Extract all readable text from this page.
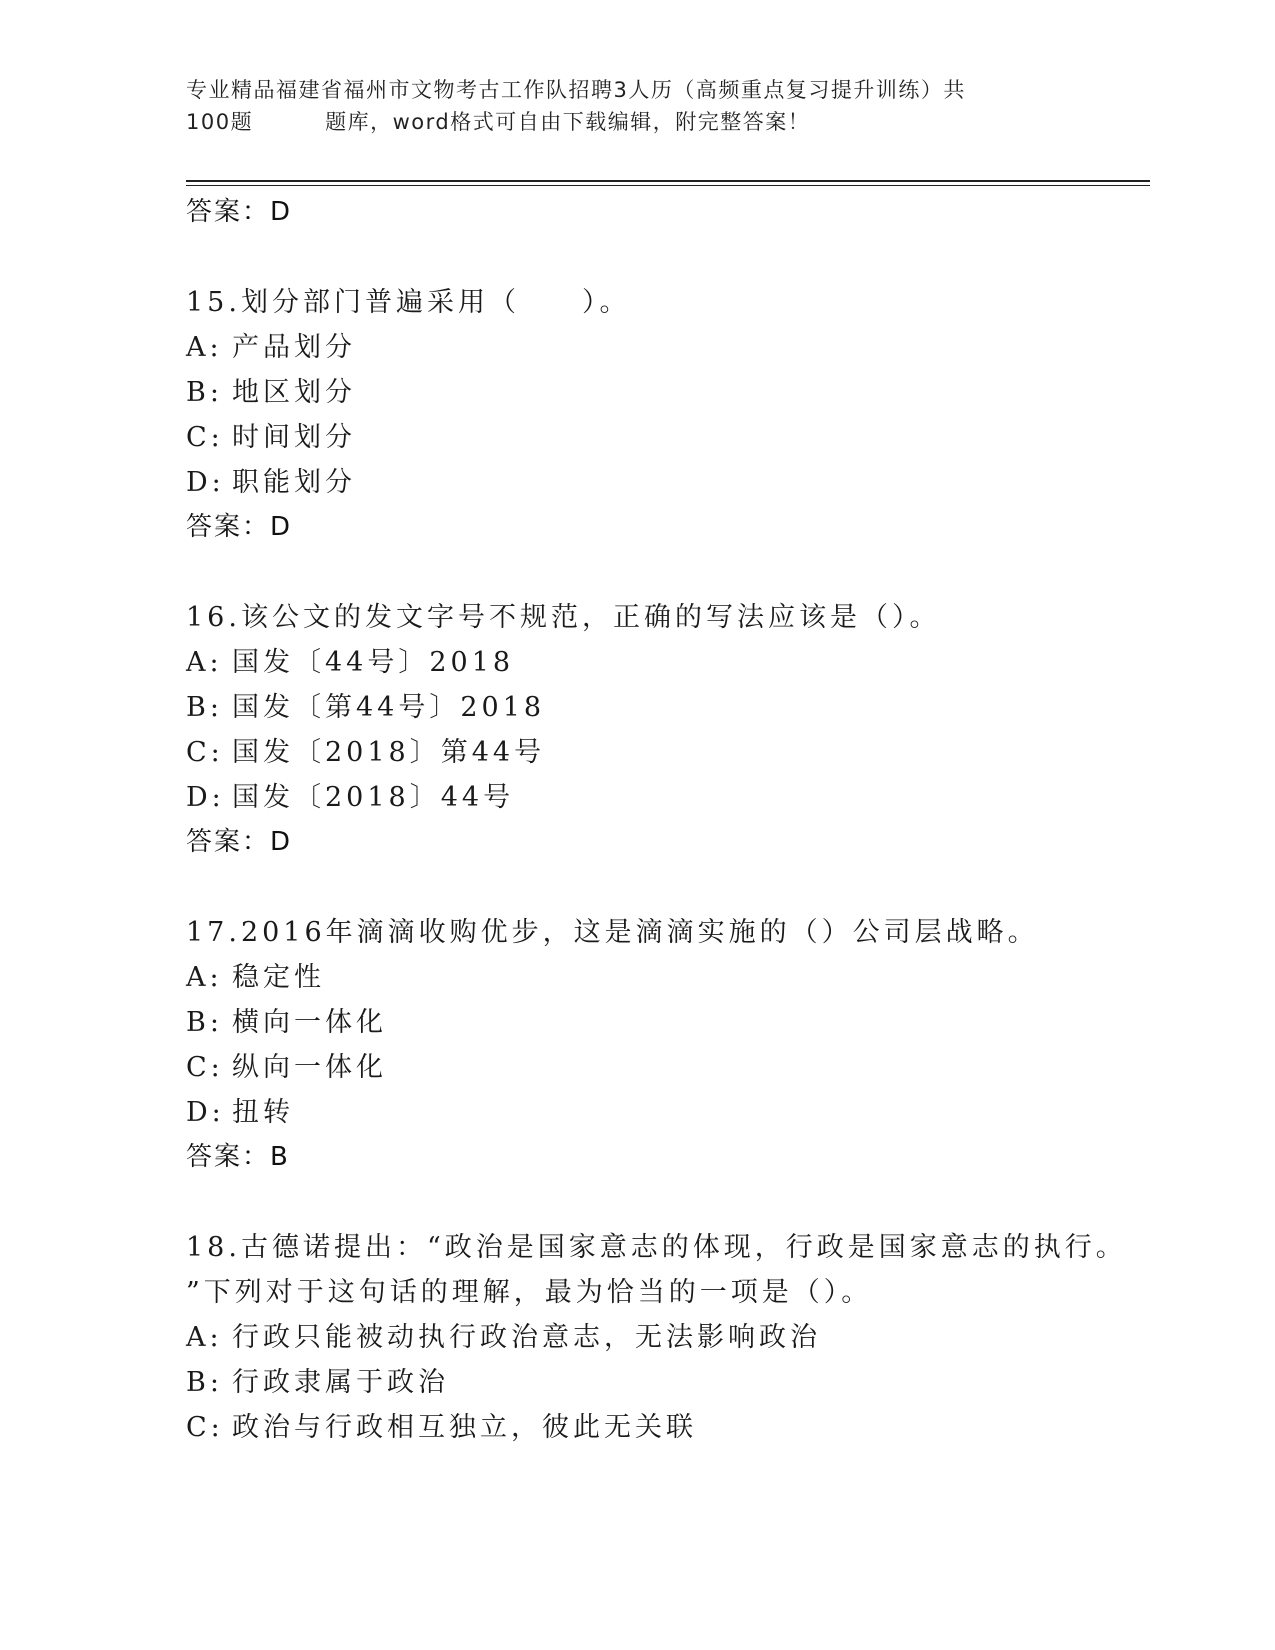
专业精品福建省福州市文物考古工作队招聘3人历（高频重点复习提升训练）共
100题	题库，word格式可自由下载编辑，附完整答案！
答案：D
15.划分部门普遍采用（　　）。
A: 产品划分
B: 地区划分
C: 时间划分
D: 职能划分
答案：D
16.该公文的发文字号不规范，正确的写法应该是（）。
A: 国发〔44号〕2018
B: 国发〔第44号〕2018
C: 国发〔2018〕第44号
D: 国发〔2018〕44号
答案：D
17.2016年滴滴收购优步，这是滴滴实施的（）公司层战略。
A: 稳定性
B: 横向一体化
C: 纵向一体化
D: 扭转
答案：B
18.古德诺提出：“政治是国家意志的体现，行政是国家意志的执行。
”下列对于这句话的理解，最为恰当的一项是（）。
A: 行政只能被动执行政治意志，无法影响政治
B: 行政隶属于政治
C: 政治与行政相互独立，彼此无关联
